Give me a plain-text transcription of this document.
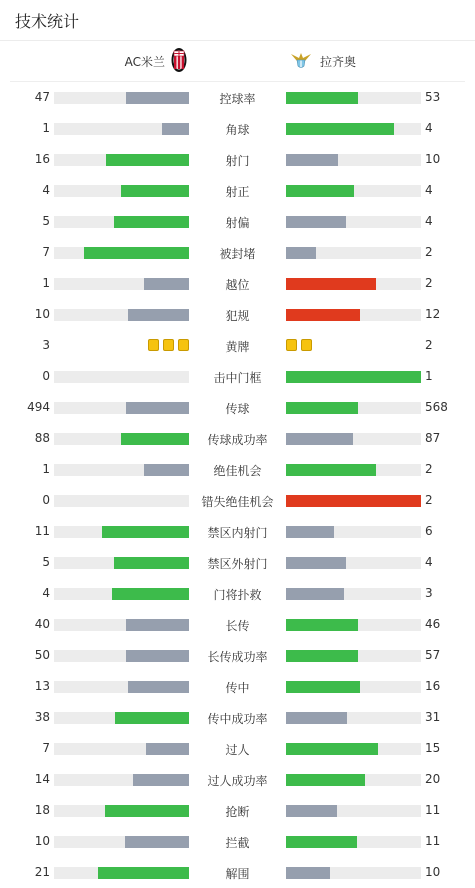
技术统计
AC米兰	拉齐奥
47	控球率	53
1	角球	4
16	射门	10
4	射正	4
5	射偏	4
7	被封堵	2
1	越位	2
10	犯规	12
3	黄牌	2
0	击中门框	1
494	传球	568
88	传球成功率	87
1	绝佳机会	2
0	错失绝佳机会	2
11	禁区内射门	6
5	禁区外射门	4
4	门将扑救	3
40	长传	46
50	长传成功率	57
13	传中	16
38	传中成功率	31
7	过人	15
14	过人成功率	20
18	抢断	11
10	拦截	11
21	解围	10
